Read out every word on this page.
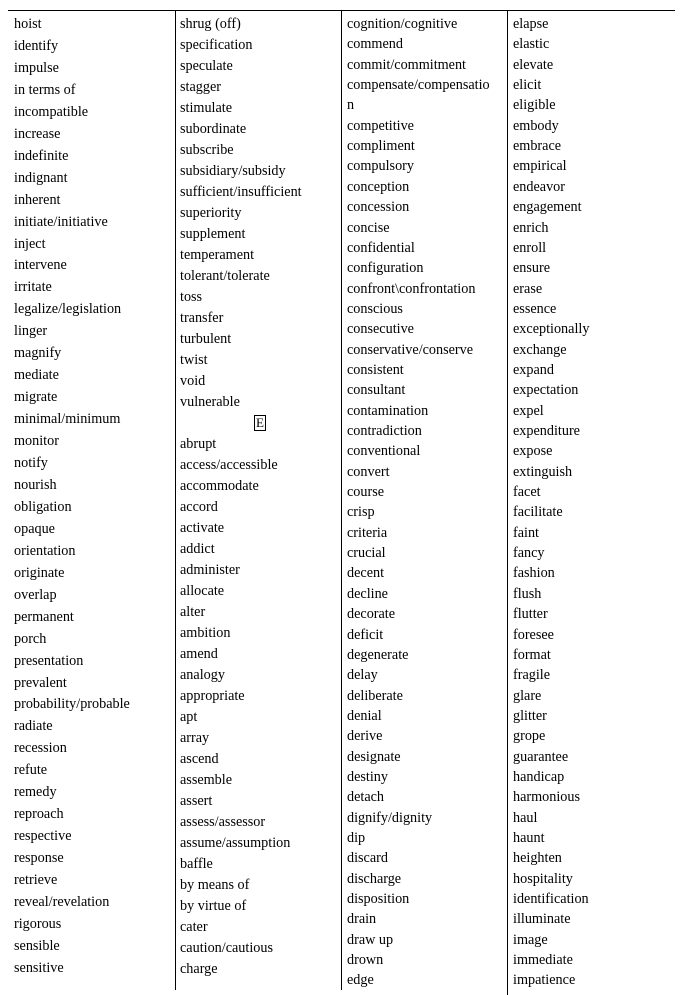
hoist
identify
impulse
in terms of
incompatible
increase
indefinite
indignant
inherent
initiate/initiative
inject
intervene
irritate
legalize/legislation
linger
magnify
mediate
migrate
minimal/minimum
monitor
notify
nourish
obligation
opaque
orientation
originate
overlap
permanent
porch
presentation
prevalent
probability/probable
radiate
recession
refute
remedy
reproach
respective
response
retrieve
reveal/revelation
rigorous
sensible
sensitive
shrug (off)
specification
speculate
stagger
stimulate
subordinate
subscribe
subsidiary/subsidy
sufficient/insufficient
superiority
supplement
temperament
tolerant/tolerate
toss
transfer
turbulent
twist
void
vulnerable
E
abrupt
access/accessible
accommodate
accord
activate
addict
administer
allocate
alter
ambition
amend
analogy
appropriate
apt
array
ascend
assemble
assert
assess/assessor
assume/assumption
baffle
by means of
by virtue of
cater
caution/cautious
charge
cognition/cognitive
commend
commit/commitment
compensate/compensatio
n
competitive
compliment
compulsory
conception
concession
concise
confidential
configuration
confront\confrontation
conscious
consecutive
conservative/conserve
consistent
consultant
contamination
contradiction
conventional
convert
course
crisp
criteria
crucial
decent
decline
decorate
deficit
degenerate
delay
deliberate
denial
derive
designate
destiny
detach
dignify/dignity
dip
discard
discharge
disposition
drain
draw up
drown
edge
elapse
elastic
elevate
elicit
eligible
embody
embrace
empirical
endeavor
engagement
enrich
enroll
ensure
erase
essence
exceptionally
exchange
expand
expectation
expel
expenditure
expose
extinguish
facet
facilitate
faint
fancy
fashion
flush
flutter
foresee
format
fragile
glare
glitter
grope
guarantee
handicap
harmonious
haul
haunt
heighten
hospitality
identification
illuminate
image
immediate
impatience
